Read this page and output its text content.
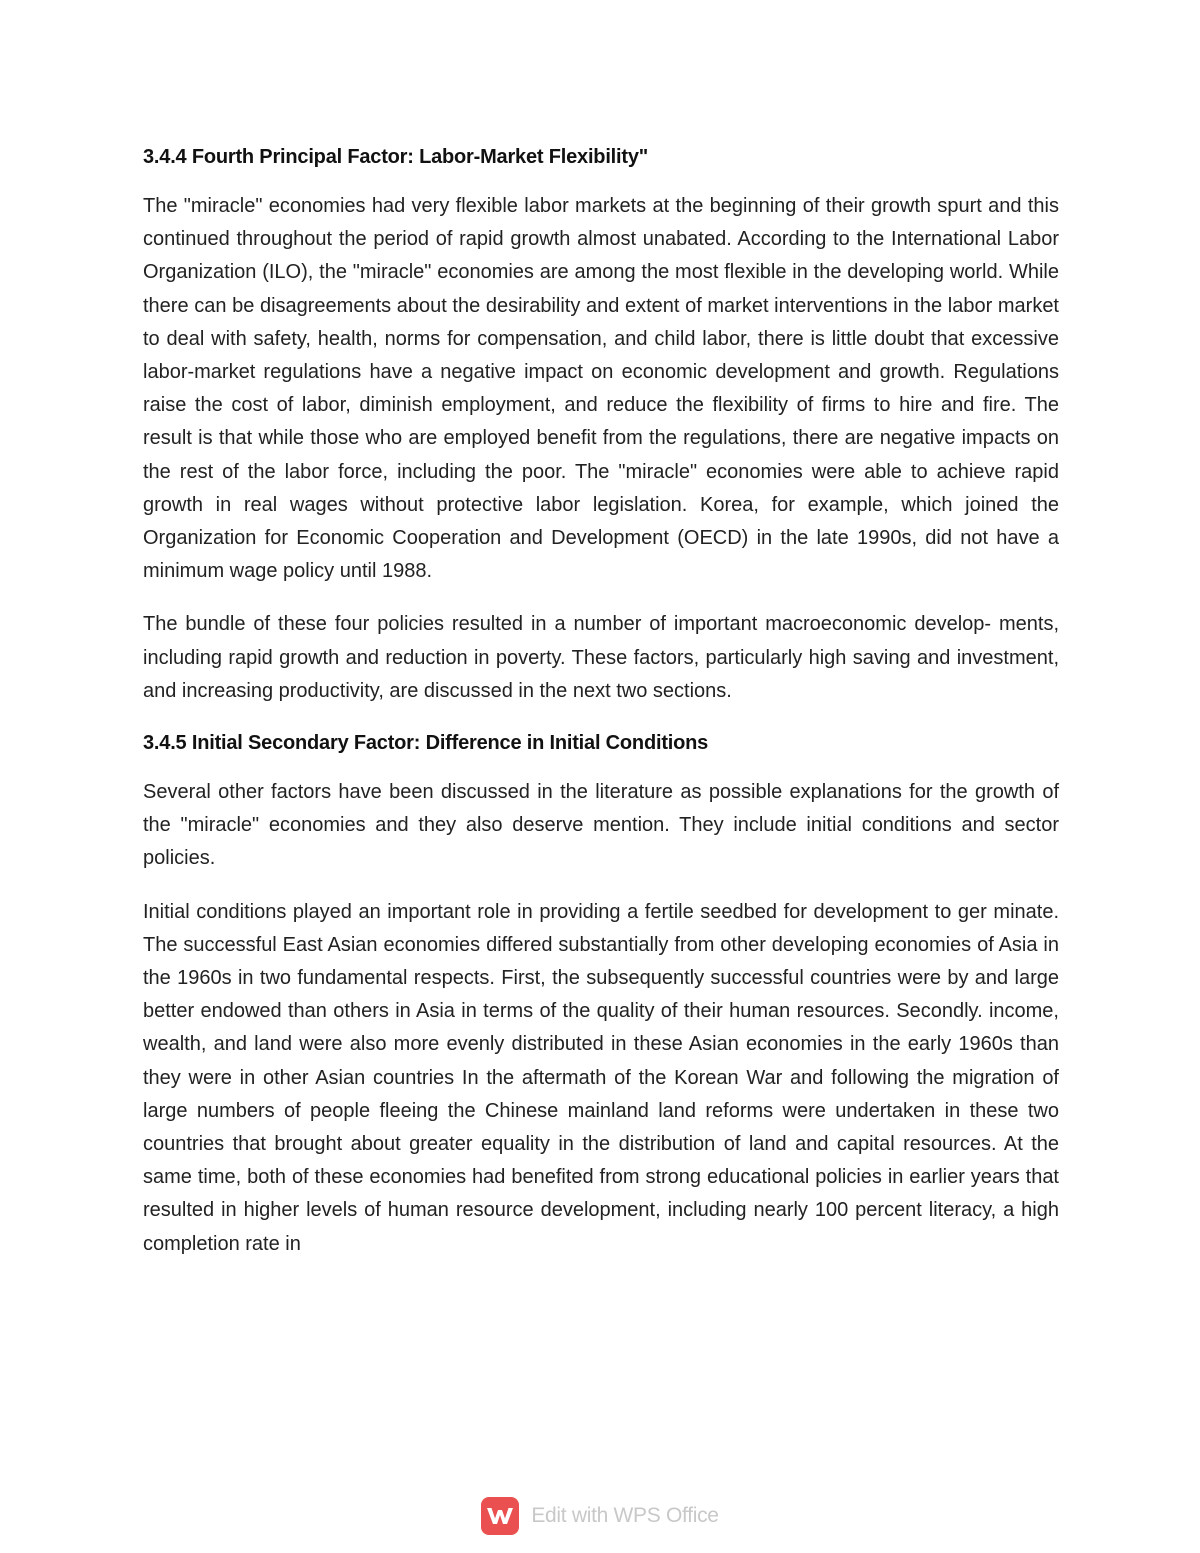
3.4.4 Fourth Principal Factor: Labor-Market Flexibility"

The "miracle" economies had very flexible labor markets at the beginning of their growth spurt and this continued throughout the period of rapid growth almost unabated. According to the International Labor Organization (ILO), the "miracle" economies are among the most flexible in the developing world. While there can be disagreements about the desirability and extent of market interventions in the labor market to deal with safety, health, norms for compensation, and child labor, there is little doubt that excessive labor-market regulations have a negative impact on economic development and growth. Regulations raise the cost of labor, diminish employment, and reduce the flexibility of firms to hire and fire. The result is that while those who are employed benefit from the regulations, there are negative impacts on the rest of the labor force, including the poor. The "miracle" economies were able to achieve rapid growth in real wages without protective labor legislation. Korea, for example, which joined the Organization for Economic Cooperation and Development (OECD) in the late 1990s, did not have a minimum wage policy until 1988.

The bundle of these four policies resulted in a number of important macroeconomic develop- ments, including rapid growth and reduction in poverty. These factors, particularly high saving and investment, and increasing productivity, are discussed in the next two sections.

3.4.5 Initial Secondary Factor: Difference in Initial Conditions

Several other factors have been discussed in the literature as possible explanations for the growth of the "miracle" economies and they also deserve mention. They include initial conditions and sector policies.

Initial conditions played an important role in providing a fertile seedbed for development to ger minate. The successful East Asian economies differed substantially from other developing economies of Asia in the 1960s in two fundamental respects. First, the subsequently successful countries were by and large better endowed than others in Asia in terms of the quality of their human resources. Secondly. income, wealth, and land were also more evenly distributed in these Asian economies in the early 1960s than they were in other Asian countries In the aftermath of the Korean War and following the migration of large numbers of people fleeing the Chinese mainland land reforms were undertaken in these two countries that brought about greater equality in the distribution of land and capital resources. At the same time, both of these economies had benefited from strong educational policies in earlier years that resulted in higher levels of human resource development, including nearly 100 percent literacy, a high completion rate in

Edit with WPS Office
